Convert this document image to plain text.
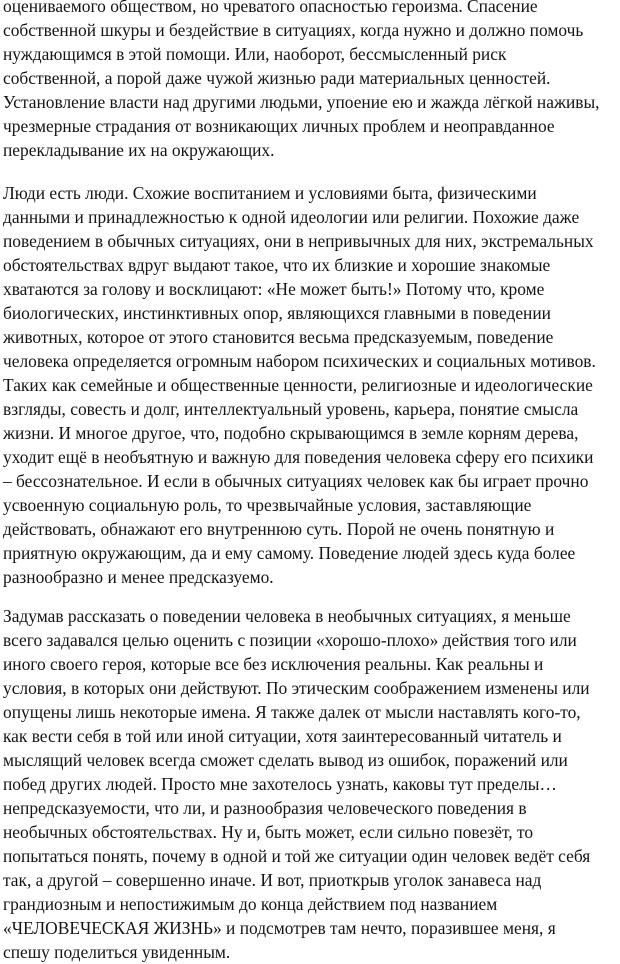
оцениваемого обществом, но чреватого опасностью героизма. Спасение
собственной шкуры и бездействие в ситуациях, когда нужно и должно помочь
нуждающимся в этой помощи. Или, наоборот, бессмысленный риск
собственной, а порой даже чужой жизнью ради материальных ценностей.
Установление власти над другими людьми, упоение ею и жажда лёгкой наживы,
чрезмерные страдания от возникающих личных проблем и неоправданное
перекладывание их на окружающих.
Люди есть люди. Схожие воспитанием и условиями быта, физическими
данными и принадлежностью к одной идеологии или религии. Похожие даже
поведением в обычных ситуациях, они в непривычных для них, экстремальных
обстоятельствах вдруг выдают такое, что их близкие и хорошие знакомые
хватаются за голову и восклицают: «Не может быть!» Потому что, кроме
биологических, инстинктивных опор, являющихся главными в поведении
животных, которое от этого становится весьма предсказуемым, поведение
человека определяется огромным набором психических и социальных мотивов.
Таких как семейные и общественные ценности, религиозные и идеологические
взгляды, совесть и долг, интеллектуальный уровень, карьера, понятие смысла
жизни. И многое другое, что, подобно скрывающимся в земле корням дерева,
уходит ещё в необъятную и важную для поведения человека сферу его психики
– бессознательное. И если в обычных ситуациях человек как бы играет прочно
усвоенную социальную роль, то чрезвычайные условия, заставляющие
действовать, обнажают его внутреннюю суть. Порой не очень понятную и
приятную окружающим, да и ему самому. Поведение людей здесь куда более
разнообразно и менее предсказуемо.
Задумав рассказать о поведении человека в необычных ситуациях, я меньше
всего задавался целью оценить с позиции «хорошо-плохо» действия того или
иного своего героя, которые все без исключения реальны. Как реальны и
условия, в которых они действуют. По этическим соображением изменены или
опущены лишь некоторые имена. Я также далек от мысли наставлять кого-то,
как вести себя в той или иной ситуации, хотя заинтересованный читатель и
мыслящий человек всегда сможет сделать вывод из ошибок, поражений или
побед других людей. Просто мне захотелось узнать, каковы тут пределы…
непредсказуемости, что ли, и разнообразия человеческого поведения в
необычных обстоятельствах. Ну и, быть может, если сильно повезёт, то
попытаться понять, почему в одной и той же ситуации один человек ведёт себя
так, а другой – совершенно иначе. И вот, приоткрыв уголок занавеса над
грандиозным и непостижимым до конца действием под названием
«ЧЕЛОВЕЧЕСКАЯ ЖИЗНЬ» и подсмотрев там нечто, поразившее меня, я
спешу поделиться увиденным.
